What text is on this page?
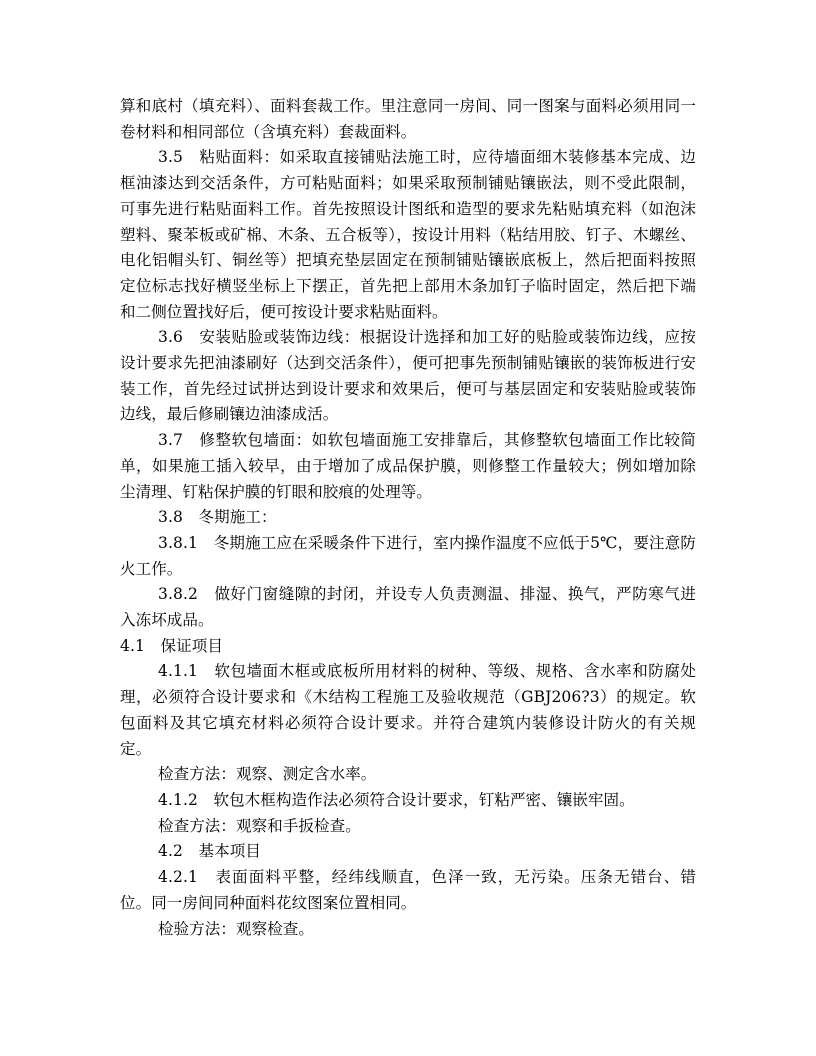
算和底村（填充料）、面料套裁工作。里注意同一房间、同一图案与面料必须用同一卷材料和相同部位（含填充料）套裁面料。

3.5　粘贴面料：如采取直接铺贴法施工时，应待墙面细木装修基本完成、边框油漆达到交活条件，方可粘贴面料；如果采取预制铺贴镶嵌法，则不受此限制，可事先进行粘贴面料工作。首先按照设计图纸和造型的要求先粘贴填充料（如泡沫塑料、聚苯板或矿棉、木条、五合板等），按设计用料（粘结用胶、钉子、木螺丝、电化铝帽头钉、铜丝等）把填充垫层固定在预制铺贴镶嵌底板上，然后把面料按照定位标志找好横竖坐标上下摆正，首先把上部用木条加钉子临时固定，然后把下端和二侧位置找好后，便可按设计要求粘贴面料。

3.6　安装贴脸或装饰边线：根据设计选择和加工好的贴脸或装饰边线，应按设计要求先把油漆刷好（达到交活条件），便可把事先预制铺贴镶嵌的装饰板进行安装工作，首先经过试拼达到设计要求和效果后，便可与基层固定和安装贴脸或装饰边线，最后修刷镶边油漆成活。

3.7　修整软包墙面：如软包墙面施工安排靠后，其修整软包墙面工作比较简单，如果施工插入较早，由于增加了成品保护膜，则修整工作量较大；例如增加除尘清理、钉粘保护膜的钉眼和胶痕的处理等。

3.8　冬期施工：

3.8.1　冬期施工应在采暖条件下进行，室内操作温度不应低于5℃，要注意防火工作。

3.8.2　做好门窗缝隙的封闭，并设专人负责测温、排湿、换气，严防寒气进入冻坏成品。

4.1　保证项目

4.1.1　软包墙面木框或底板所用材料的树种、等级、规格、含水率和防腐处理，必须符合设计要求和《木结构工程施工及验收规范（GBJ206?3）的规定。软包面料及其它填充材料必须符合设计要求。并符合建筑内装修设计防火的有关规定。

检查方法：观察、测定含水率。

4.1.2　软包木框构造作法必须符合设计要求，钉粘严密、镶嵌牢固。

检查方法：观察和手扳检查。

4.2　基本项目

4.2.1　表面面料平整，经纬线顺直，色泽一致，无污染。压条无错台、错位。同一房间同种面料花纹图案位置相同。

检验方法：观察检查。
